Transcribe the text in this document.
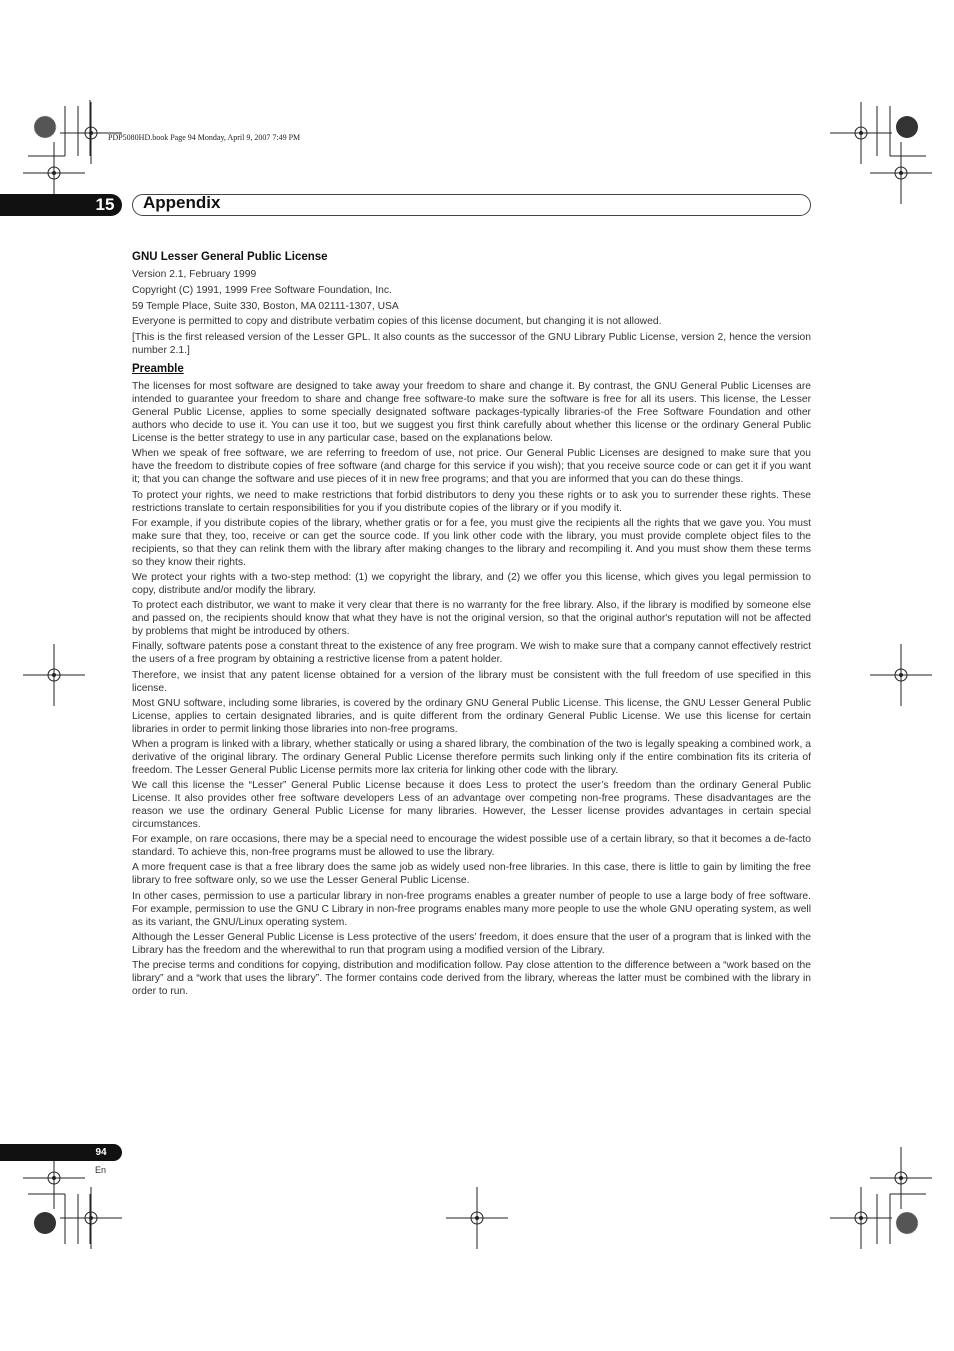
PDP5080HD.book Page 94 Monday, April 9, 2007 7:49 PM
15	Appendix
GNU Lesser General Public License

Version 2.1, February 1999

Copyright (C) 1991, 1999 Free Software Foundation, Inc.

59 Temple Place, Suite 330, Boston, MA 02111-1307, USA

Everyone is permitted to copy and distribute verbatim copies of this license document, but changing it is not allowed.

[This is the first released version of the Lesser GPL. It also counts as the successor of the GNU Library Public License, version 2, hence the version number 2.1.]

Preamble

The licenses for most software are designed to take away your freedom to share and change it. By contrast, the GNU General Public Licenses are intended to guarantee your freedom to share and change free software-to make sure the software is free for all its users. This license, the Lesser General Public License, applies to some specially designated software packages-typically libraries-of the Free Software Foundation and other authors who decide to use it. You can use it too, but we suggest you first think carefully about whether this license or the ordinary General Public License is the better strategy to use in any particular case, based on the explanations below.

When we speak of free software, we are referring to freedom of use, not price. Our General Public Licenses are designed to make sure that you have the freedom to distribute copies of free software (and charge for this service if you wish); that you receive source code or can get it if you want it; that you can change the software and use pieces of it in new free programs; and that you are informed that you can do these things.

To protect your rights, we need to make restrictions that forbid distributors to deny you these rights or to ask you to surrender these rights. These restrictions translate to certain responsibilities for you if you distribute copies of the library or if you modify it.

For example, if you distribute copies of the library, whether gratis or for a fee, you must give the recipients all the rights that we gave you. You must make sure that they, too, receive or can get the source code. If you link other code with the library, you must provide complete object files to the recipients, so that they can relink them with the library after making changes to the library and recompiling it. And you must show them these terms so they know their rights.

We protect your rights with a two-step method: (1) we copyright the library, and (2) we offer you this license, which gives you legal permission to copy, distribute and/or modify the library.

To protect each distributor, we want to make it very clear that there is no warranty for the free library. Also, if the library is modified by someone else and passed on, the recipients should know that what they have is not the original version, so that the original author's reputation will not be affected by problems that might be introduced by others.

Finally, software patents pose a constant threat to the existence of any free program. We wish to make sure that a company cannot effectively restrict the users of a free program by obtaining a restrictive license from a patent holder.

Therefore, we insist that any patent license obtained for a version of the library must be consistent with the full freedom of use specified in this license.

Most GNU software, including some libraries, is covered by the ordinary GNU General Public License. This license, the GNU Lesser General Public License, applies to certain designated libraries, and is quite different from the ordinary General Public License. We use this license for certain libraries in order to permit linking those libraries into non-free programs.

When a program is linked with a library, whether statically or using a shared library, the combination of the two is legally speaking a combined work, a derivative of the original library. The ordinary General Public License therefore permits such linking only if the entire combination fits its criteria of freedom. The Lesser General Public License permits more lax criteria for linking other code with the library.

We call this license the “Lesser” General Public License because it does Less to protect the user’s freedom than the ordinary General Public License. It also provides other free software developers Less of an advantage over competing non-free programs. These disadvantages are the reason we use the ordinary General Public License for many libraries. However, the Lesser license provides advantages in certain special circumstances.

For example, on rare occasions, there may be a special need to encourage the widest possible use of a certain library, so that it becomes a de-facto standard. To achieve this, non-free programs must be allowed to use the library.

A more frequent case is that a free library does the same job as widely used non-free libraries. In this case, there is little to gain by limiting the free library to free software only, so we use the Lesser General Public License.

In other cases, permission to use a particular library in non-free programs enables a greater number of people to use a large body of free software. For example, permission to use the GNU C Library in non-free programs enables many more people to use the whole GNU operating system, as well as its variant, the GNU/Linux operating system.

Although the Lesser General Public License is Less protective of the users’ freedom, it does ensure that the user of a program that is linked with the Library has the freedom and the wherewithal to run that program using a modified version of the Library.

The precise terms and conditions for copying, distribution and modification follow. Pay close attention to the difference between a “work based on the library” and a “work that uses the library”. The former contains code derived from the library, whereas the latter must be combined with the library in order to run.

94
En
